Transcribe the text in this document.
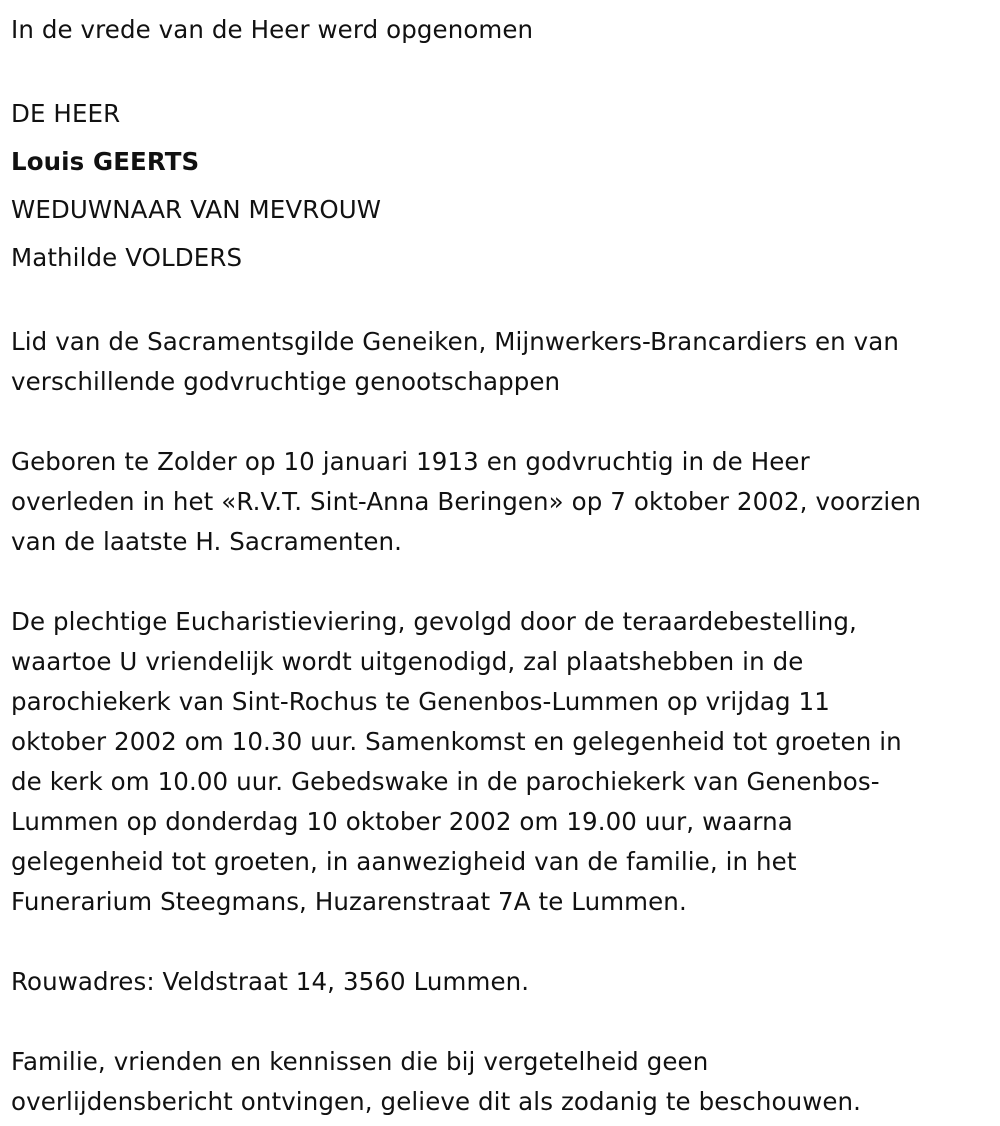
In de vrede van de Heer werd opgenomen

DE HEER

Louis GEERTS

WEDUWNAAR VAN MEVROUW

Mathilde VOLDERS

Lid van de Sacramentsgilde Geneiken, Mijnwerkers-Brancardiers en van

verschillende godvruchtige genootschappen

Geboren te Zolder op 10 januari 1913 en godvruchtig in de Heer

overleden in het «R.V.T. Sint-Anna Beringen» op 7 oktober 2002, voorzien

van de laatste H. Sacramenten.

De plechtige Eucharistieviering, gevolgd door de teraardebestelling,

waartoe U vriendelijk wordt uitgenodigd, zal plaatshebben in de

parochiekerk van Sint-Rochus te Genenbos-Lummen op vrijdag 11

oktober 2002 om 10.30 uur. Samenkomst en gelegenheid tot groeten in

de kerk om 10.00 uur. Gebedswake in de parochiekerk van Genenbos-

Lummen op donderdag 10 oktober 2002 om 19.00 uur, waarna

gelegenheid tot groeten, in aanwezigheid van de familie, in het

Funerarium Steegmans, Huzarenstraat 7A te Lummen.

Rouwadres: Veldstraat 14, 3560 Lummen.

Familie, vrienden en kennissen die bij vergetelheid geen

overlijdensbericht ontvingen, gelieve dit als zodanig te beschouwen.
